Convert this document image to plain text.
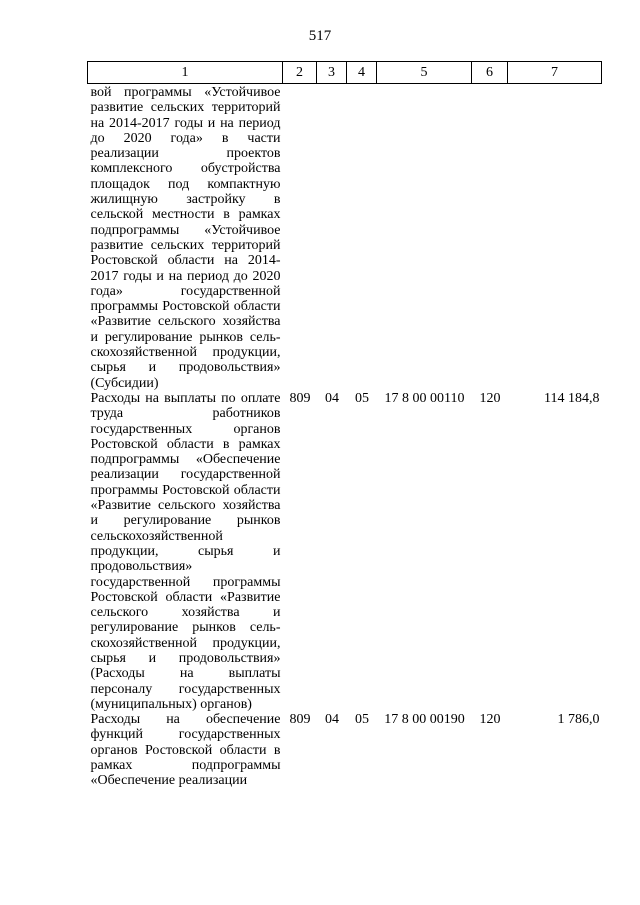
517
1	2	3	4	5	6	7
вой программы «Устойчивое развитие сельских территорий на 2014-2017 годы и на период до 2020 года» в части реализации проектов комплексного обустройства площадок под компактную жилищную застройку в сельской местности в рамках подпрограммы «Устойчивое развитие сельских территорий Ростовской области на 2014-2017 годы и на период до 2020 года» государственной программы Ростовской области «Развитие сельского хозяйства и регулирование рынков сельскохозяйственной продукции, сырья и продовольствия» (Субсидии)						
Расходы на выплаты по оплате труда работников государственных органов Ростовской области в рамках подпрограммы «Обеспечение реализации государственной программы Ростовской области «Развитие сельского хозяйства и регулирование рынков сельскохозяйственной продукции, сырья и продовольствия» государственной программы Ростовской области «Развитие сельского хозяйства и регулирование рынков сельскохозяйственной продукции, сырья и продовольствия» (Расходы на выплаты персоналу государственных (муниципальных) органов)	809	04	05	17 8 00 00110	120	114 184,8
Расходы на обеспечение функций государственных органов Ростовской области в рамках подпрограммы «Обеспечение реализации	809	04	05	17 8 00 00190	120	1 786,0
